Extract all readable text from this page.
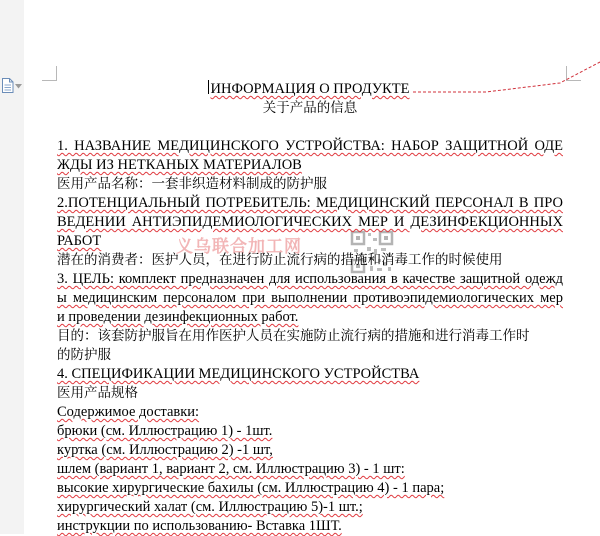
义乌联合加工网
ИНФОРМАЦИЯ О ПРОДУКТЕ
关于产品的信息
1. НАЗВАНИЕ МЕДИЦИНСКОГО УСТРОЙСТВА: НАБОР ЗАЩИТНОЙ ОДЕ
ЖДЫ ИЗ НЕТКАНЫХ МАТЕРИАЛОВ
医用产品名称：一套非织造材料制成的防护服
2.ПОТЕНЦИАЛЬНЫЙ ПОТРЕБИТЕЛЬ: МЕДИЦИНСКИЙ ПЕРСОНАЛ В ПРО
ВЕДЕНИИ АНТИЭПИДЕМИОЛОГИЧЕСКИХ МЕР И ДЕЗИНФЕКЦИОННЫХ
РАБОТ
潜在的消费者：医护人员，在进行防止流行病的措施和消毒工作的时候使用
3. ЦЕЛЬ: комплект предназначен для использования в качестве защитной одежд
ы медицинским персоналом при выполнении противоэпидемиологических мер
и проведении дезинфекционных работ.
目的：该套防护服旨在用作医护人员在实施防止流行病的措施和进行消毒工作时
的防护服
4. СПЕЦИФИКАЦИИ МЕДИЦИНСКОГО УСТРОЙСТВА
医用产品规格
Содержимое доставки:
брюки (см. Иллюстрацию 1) - 1шт.
куртка (см. Иллюстрацию 2) -1 шт,
шлем (вариант 1, вариант 2, см. Иллюстрацию 3) - 1 шт:
высокие хирургические бахилы (см. Иллюстрацию 4) - 1 пара;
хирургический халат (см. Иллюстрацию 5)-1 шт.;
инструкции по использованию- Вставка 1ШТ.
